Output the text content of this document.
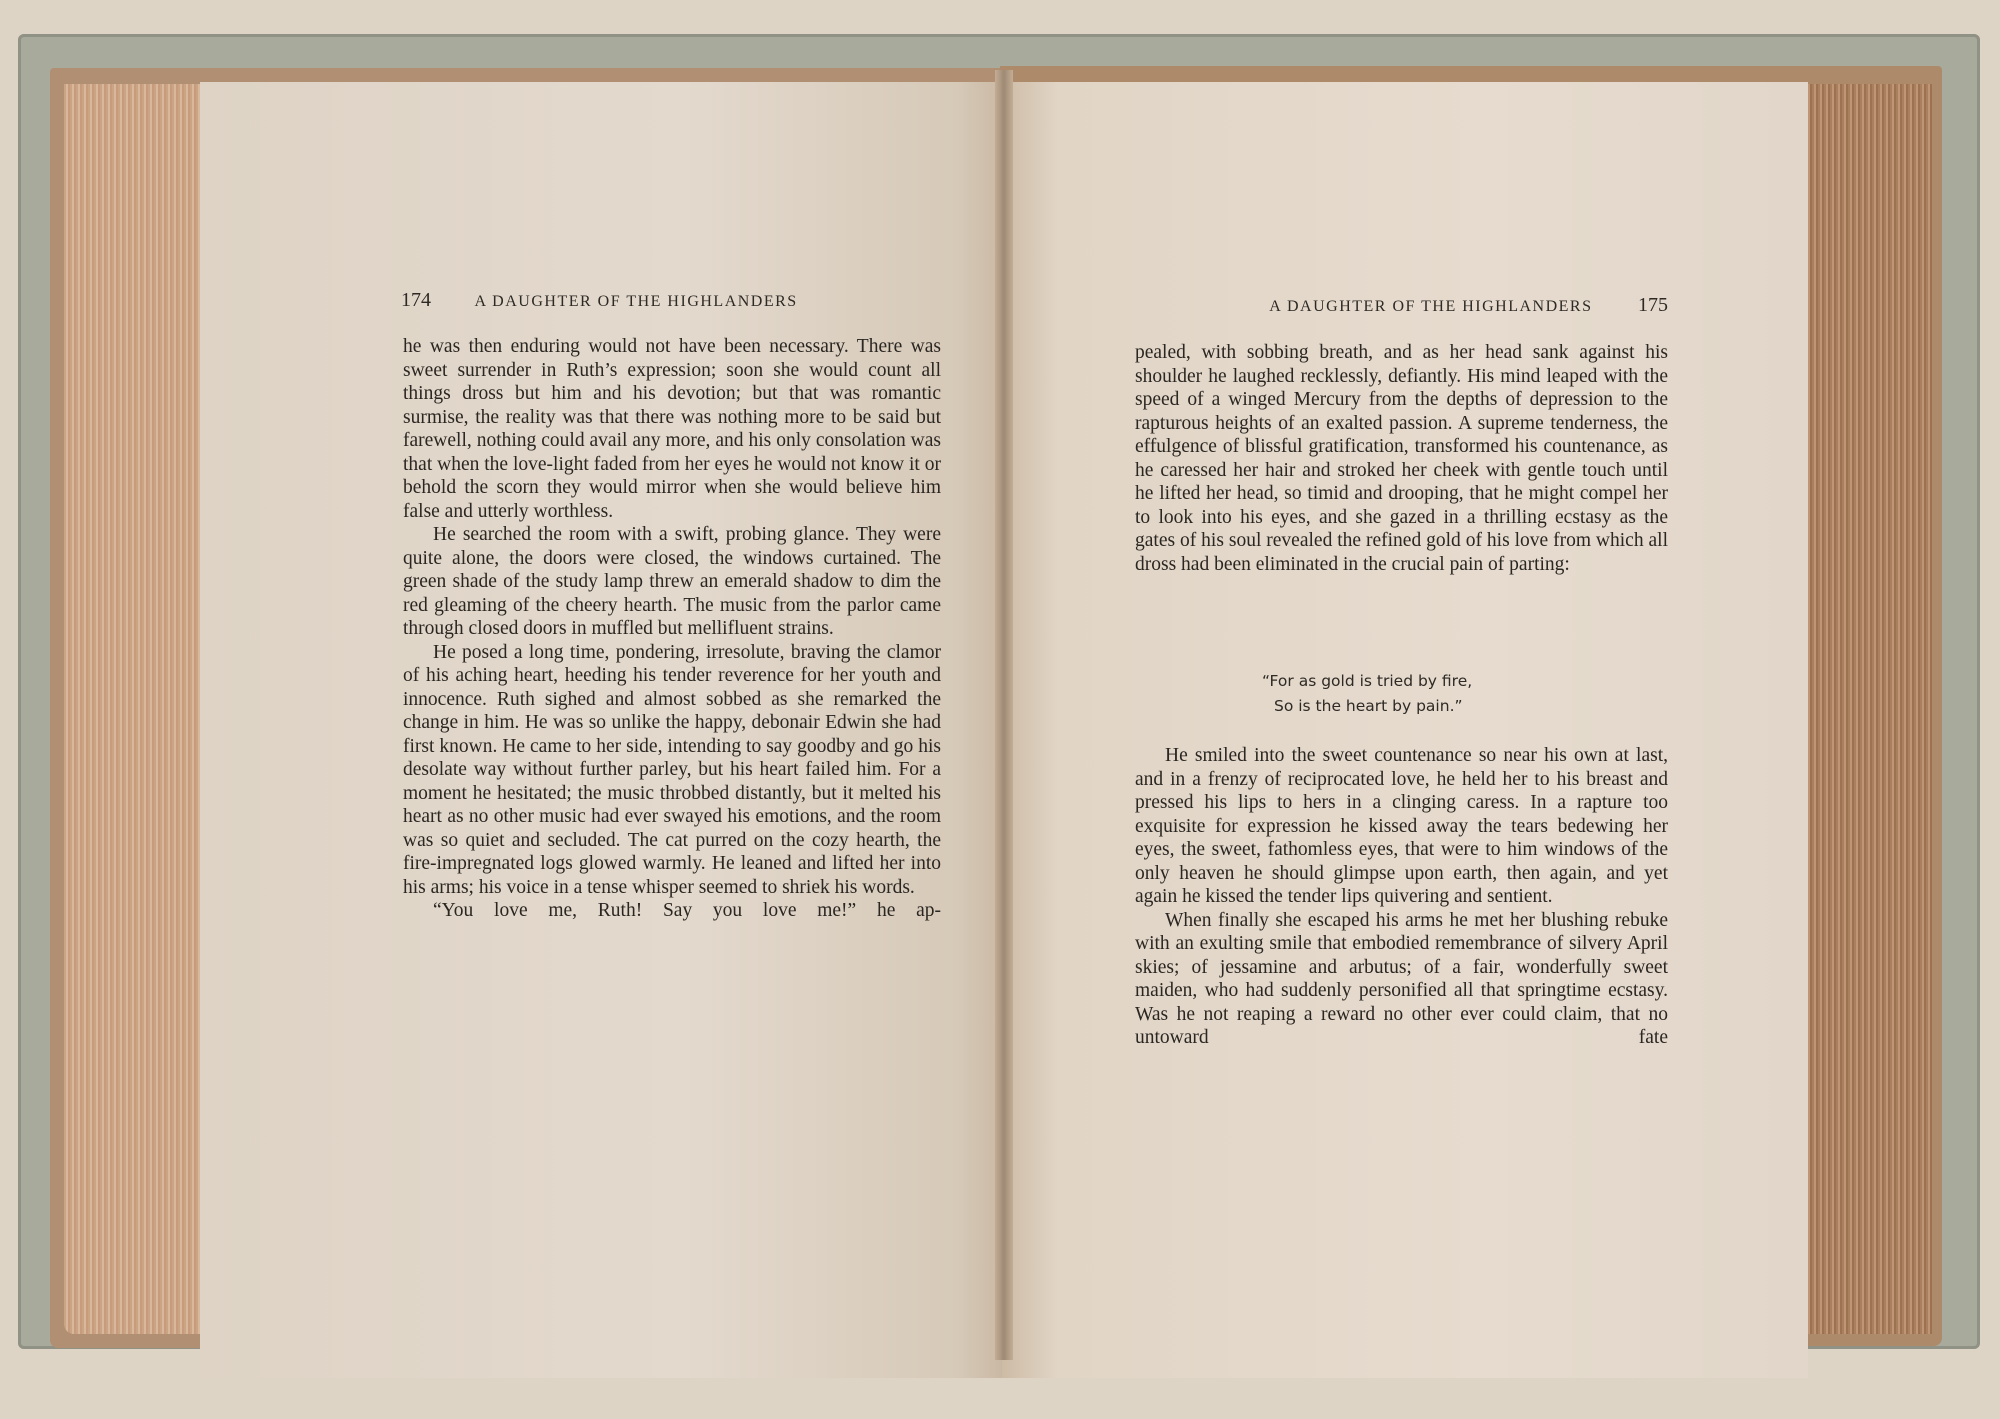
174	A DAUGHTER OF THE HIGHLANDERS

he was then enduring would not have been necessary. There was sweet surrender in Ruth’s expression; soon she would count all things dross but him and his devotion; but that was romantic surmise, the reality was that there was nothing more to be said but farewell, nothing could avail any more, and his only consolation was that when the love-light faded from her eyes he would not know it or behold the scorn they would mirror when she would believe him false and utterly worthless.

He searched the room with a swift, probing glance. They were quite alone, the doors were closed, the windows curtained. The green shade of the study lamp threw an emerald shadow to dim the red gleaming of the cheery hearth. The music from the parlor came through closed doors in muffled but mellifluent strains.

He posed a long time, pondering, irresolute, braving the clamor of his aching heart, heeding his tender reverence for her youth and innocence. Ruth sighed and almost sobbed as she remarked the change in him. He was so unlike the happy, debonair Edwin she had first known. He came to her side, intending to say goodby and go his desolate way without further parley, but his heart failed him. For a moment he hesitated; the music throbbed distantly, but it melted his heart as no other music had ever swayed his emotions, and the room was so quiet and secluded. The cat purred on the cozy hearth, the fire-impregnated logs glowed warmly. He leaned and lifted her into his arms; his voice in a tense whisper seemed to shriek his words.

“You love me, Ruth! Say you love me!” he ap-

A DAUGHTER OF THE HIGHLANDERS 175

pealed, with sobbing breath, and as her head sank against his shoulder he laughed recklessly, defiantly. His mind leaped with the speed of a winged Mercury from the depths of depression to the rapturous heights of an exalted passion. A supreme tenderness, the effulgence of blissful gratification, transformed his countenance, as he caressed her hair and stroked her cheek with gentle touch until he lifted her head, so timid and drooping, that he might compel her to look into his eyes, and she gazed in a thrilling ecstasy as the gates of his soul revealed the refined gold of his love from which all dross had been eliminated in the crucial pain of parting:

“For as gold is tried by fire,
So is the heart by pain.”

He smiled into the sweet countenance so near his own at last, and in a frenzy of reciprocated love, he held her to his breast and pressed his lips to hers in a clinging caress. In a rapture too exquisite for expression he kissed away the tears bedewing her eyes, the sweet, fathomless eyes, that were to him windows of the only heaven he should glimpse upon earth, then again, and yet again he kissed the tender lips quivering and sentient.

When finally she escaped his arms he met her blushing rebuke with an exulting smile that embodied remembrance of silvery April skies; of jessamine and arbutus; of a fair, wonderfully sweet maiden, who had suddenly personified all that springtime ecstasy. Was he not reaping a reward no other ever could claim, that no untoward fate
